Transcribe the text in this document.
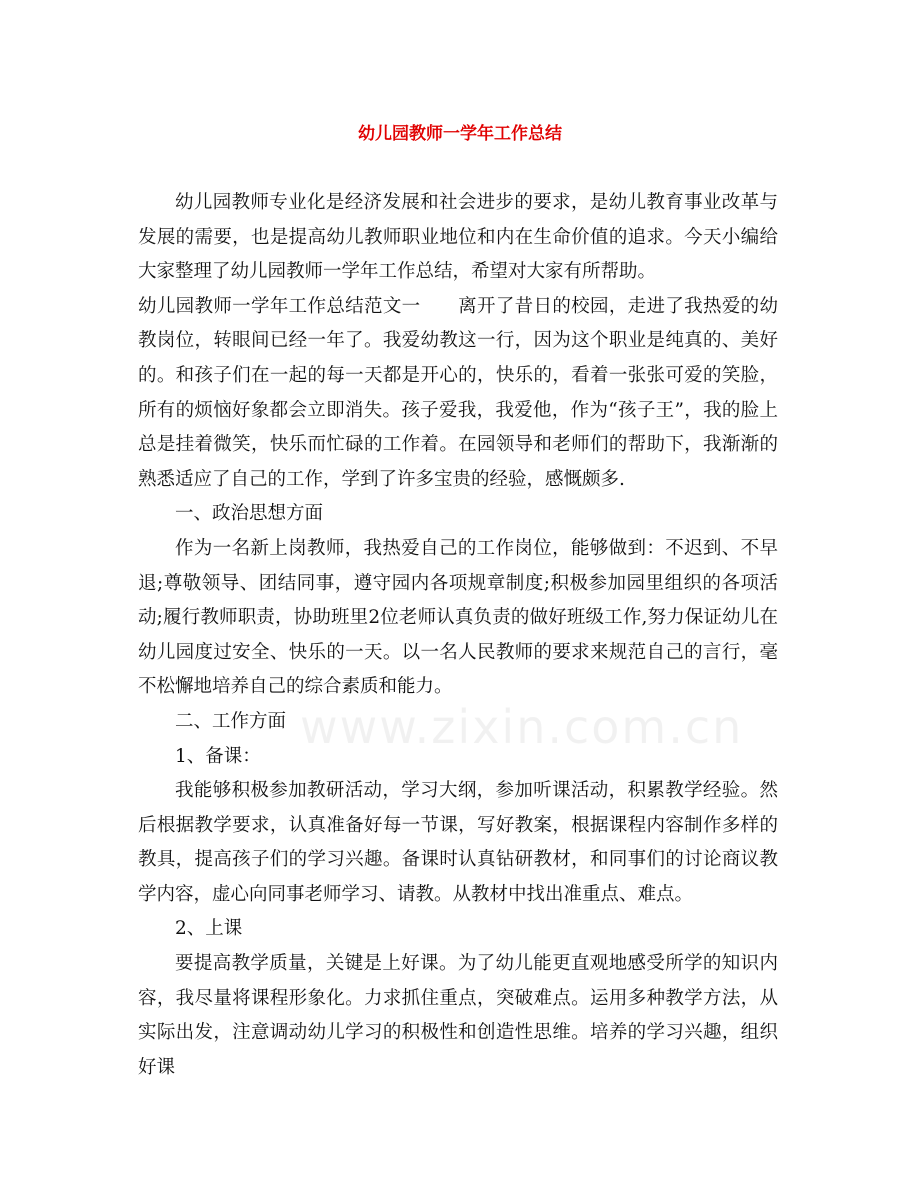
幼儿园教师一学年工作总结

幼儿园教师专业化是经济发展和社会进步的要求，是幼儿教育事业改革与发展的需要，也是提高幼儿教师职业地位和内在生命价值的追求。今天小编给大家整理了幼儿园教师一学年工作总结，希望对大家有所帮助。

幼儿园教师一学年工作总结范文一　　离开了昔日的校园，走进了我热爱的幼教岗位，转眼间已经一年了。我爱幼教这一行，因为这个职业是纯真的、美好的。和孩子们在一起的每一天都是开心的，快乐的，看着一张张可爱的笑脸，所有的烦恼好象都会立即消失。孩子爱我，我爱他，作为“孩子王”，我的脸上总是挂着微笑，快乐而忙碌的工作着。在园领导和老师们的帮助下，我渐渐的熟悉适应了自己的工作，学到了许多宝贵的经验，感慨颇多.

一、政治思想方面

作为一名新上岗教师，我热爱自己的工作岗位，能够做到：不迟到、不早退;尊敬领导、团结同事，遵守园内各项规章制度;积极参加园里组织的各项活动;履行教师职责，协助班里2位老师认真负责的做好班级工作,努力保证幼儿在幼儿园度过安全、快乐的一天。以一名人民教师的要求来规范自己的言行，毫不松懈地培养自己的综合素质和能力。

二、工作方面

1、备课：

我能够积极参加教研活动，学习大纲，参加听课活动，积累教学经验。然后根据教学要求，认真准备好每一节课，写好教案，根据课程内容制作多样的教具，提高孩子们的学习兴趣。备课时认真钻研教材，和同事们的讨论商议教学内容，虚心向同事老师学习、请教。从教材中找出准重点、难点。

2、上课

要提高教学质量，关键是上好课。为了幼儿能更直观地感受所学的知识内容，我尽量将课程形象化。力求抓住重点，突破难点。运用多种教学方法，从实际出发，注意调动幼儿学习的积极性和创造性思维。培养的学习兴趣，组织好课

www.zixin.com.cn
